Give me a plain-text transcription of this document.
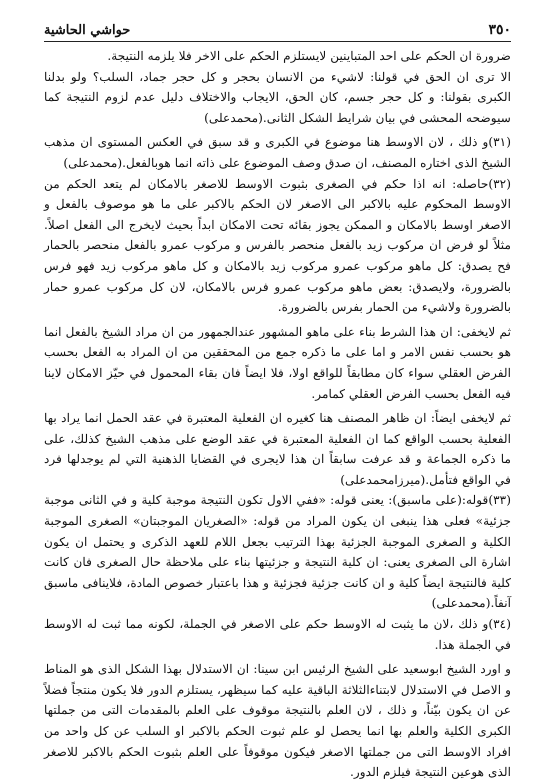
٣٥٠
حواشي الحاشية

ضرورة ان الحكم على احد المتباينين لايستلزم الحكم على الاخر فلا يلزمه النتيجة.

الا ترى ان الحق في قولنا: لاشيء من الانسان بحجر و كل حجر جماد، السلب؟ ولو بدلنا الكبرى بقولنا: و كل حجر جسم، كان الحق، الايجاب والاختلاف دليل عدم لزوم النتيجة كما سيوضحه المحشى في بيان شرايط الشكل الثانى.(محمدعلى)

(٣١)و ذلك ، لان الاوسط هنا موضوع في الكبرى و قد سبق في العكس المستوى ان مذهب الشيخ الذى اختاره المصنف، ان صدق وصف الموضوع على ذاته انما هوبالفعل.(محمدعلى)

(٣٢)حاصله: انه اذا حكم في الصغرى بثبوت الاوسط للاصغر بالامكان لم يتعد الحكم من الاوسط المحكوم عليه بالاكبر الى الاصغر لان الحكم بالاكبر على ما هو موصوف بالفعل و الاصغر اوسط بالامكان و الممكن يجوز بقائه تحت الامكان ابداً بحيث لايخرج الى الفعل اصلاً. مثلاً لو فرض ان مركوب زيد بالفعل منحصر بالفرس و مركوب عمرو بالفعل منحصر بالحمار فح يصدق: كل ماهو مركوب عمرو مركوب زيد بالامكان و كل ماهو مركوب زيد فهو فرس بالضرورة، ولايصدق: بعض ماهو مركوب عمرو فرس بالامكان، لان كل مركوب عمرو حمار بالضرورة ولاشيء من الحمار بفرس بالضرورة.

ثم لايخفى: ان هذا الشرط بناء على ماهو المشهور عندالجمهور من ان مراد الشيخ بالفعل انما هو بحسب نفس الامر و اما على ما ذكره جمع من المحققين من ان المراد به الفعل بحسب الفرض العقلي سواء كان مطابقاً للواقع اولا، فلا ايضاً فان بقاء المحمول في حيّز الامكان لاينا فيه الفعل بحسب الفرض العقلي كمامر.

ثم لايخفى ايضاً: ان ظاهر المصنف هنا كغيره ان الفعلية المعتبرة في عقد الحمل انما يراد بها الفعلية بحسب الواقع كما ان الفعلية المعتبرة في عقد الوضع على مذهب الشيخ كذلك، على ما ذكره الجماعة و قد عرفت سابقاً ان هذا لايجرى في القضايا الذهنية التي لم يوجدلها فرد في الواقع فتأمل.(ميرزامحمدعلى)

(٣٣)قوله:(على ماسبق): يعنى قوله: «ففي الاول تكون النتيجة موجبة كلية و في الثانى موجبة جزئية» فعلى هذا ينبغى ان يكون المراد من قوله: «الصغريان الموجبتان» الصغرى الموجبة الكلية و الصغرى الموجبة الجزئية بهذا الترتيب بجعل اللام للعهد الذكرى و يحتمل ان يكون اشارة الى الصغرى يعنى: ان كلية النتيجة و جزئيتها بناء على ملاحظة حال الصغرى فان كانت كلية فالنتيجة ايضاً كلية و ان كانت جزئية فجزئية و هذا باعتبار خصوص المادة، فلاينافى ماسبق آنفاً.(محمدعلى)

(٣٤)و ذلك ،لان ما يثبت له الاوسط حكم على الاصغر في الجملة، لكونه مما ثبت له الاوسط في الجملة هذا.

و اورد الشيخ ابوسعيد على الشيخ الرئيس ابن سينا: ان الاستدلال بهذا الشكل الذى هو المناط و الاصل في الاستدلال لابتناءالثلاثة الباقية عليه كما سيظهر، يستلزم الدور فلا يكون منتجاً فضلاً عن ان يكون بيّناً، و ذلك ، لان العلم بالنتيجة موقوف على العلم بالمقدمات التى من جملتها الكبرى الكلية والعلم بها انما يحصل لو علم ثبوت الحكم بالاكبر او السلب عن كل واحد من افراد الاوسط التى من جملتها الاصغر فيكون موقوفاً على العلم بثبوت الحكم بالاكبر للاصغر الذى هوعين النتيجة فيلزم الدور.
